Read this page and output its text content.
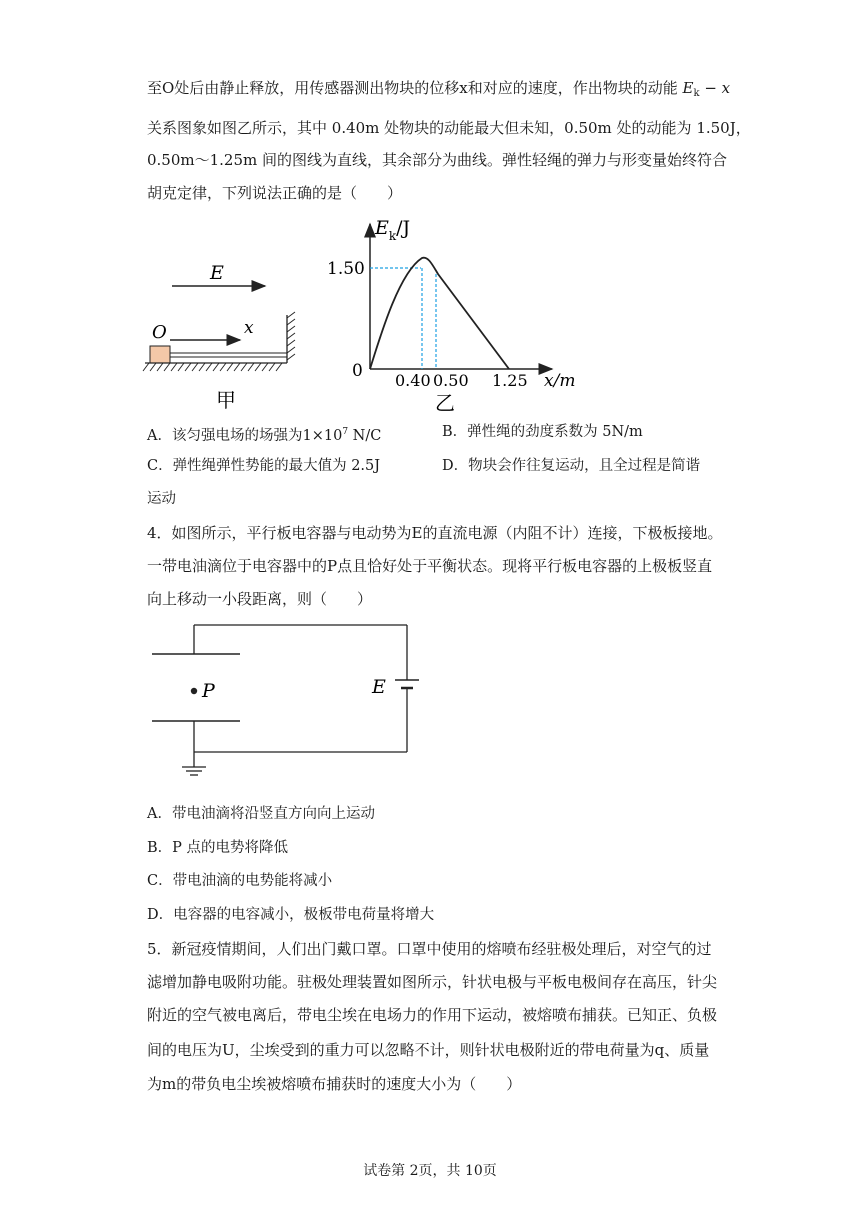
至O处后由静止释放，用传感器测出物块的位移x和对应的速度，作出物块的动能 $E_k - x$
关系图象如图乙所示，其中 0.40m 处物块的动能最大但未知，0.50m 处的动能为 1.50J，
0.50m～1.25m 间的图线为直线，其余部分为曲线。弹性轻绳的弹力与形变量始终符合
胡克定律，下列说法正确的是（　　）
E
O	x
甲
$E_k/J$
0
1.50
0.40 0.50 1.25 x/m
乙
A．该匀强电场的场强为$1\times 10^7$ N/C	B．弹性绳的劲度系数为 5N/m
C．弹性绳弹性势能的最大值为 2.5J	D．物块会作往复运动，且全过程是简谐
运动
4．如图所示，平行板电容器与电动势为E的直流电源（内阻不计）连接，下极板接地。
一带电油滴位于电容器中的P点且恰好处于平衡状态。现将平行板电容器的上极板竖直
向上移动一小段距离，则（　　）
P	E
A．带电油滴将沿竖直方向向上运动
B．P 点的电势将降低
C．带电油滴的电势能将减小
D．电容器的电容减小，极板带电荷量将增大
5．新冠疫情期间，人们出门戴口罩。口罩中使用的熔喷布经驻极处理后，对空气的过
滤增加静电吸附功能。驻极处理装置如图所示，针状电极与平板电极间存在高压，针尖
附近的空气被电离后，带电尘埃在电场力的作用下运动，被熔喷布捕获。已知正、负极
间的电压为U，尘埃受到的重力可以忽略不计，则针状电极附近的带电荷量为q、质量
为m的带负电尘埃被熔喷布捕获时的速度大小为（　　）
试卷第 2页，共 10页
